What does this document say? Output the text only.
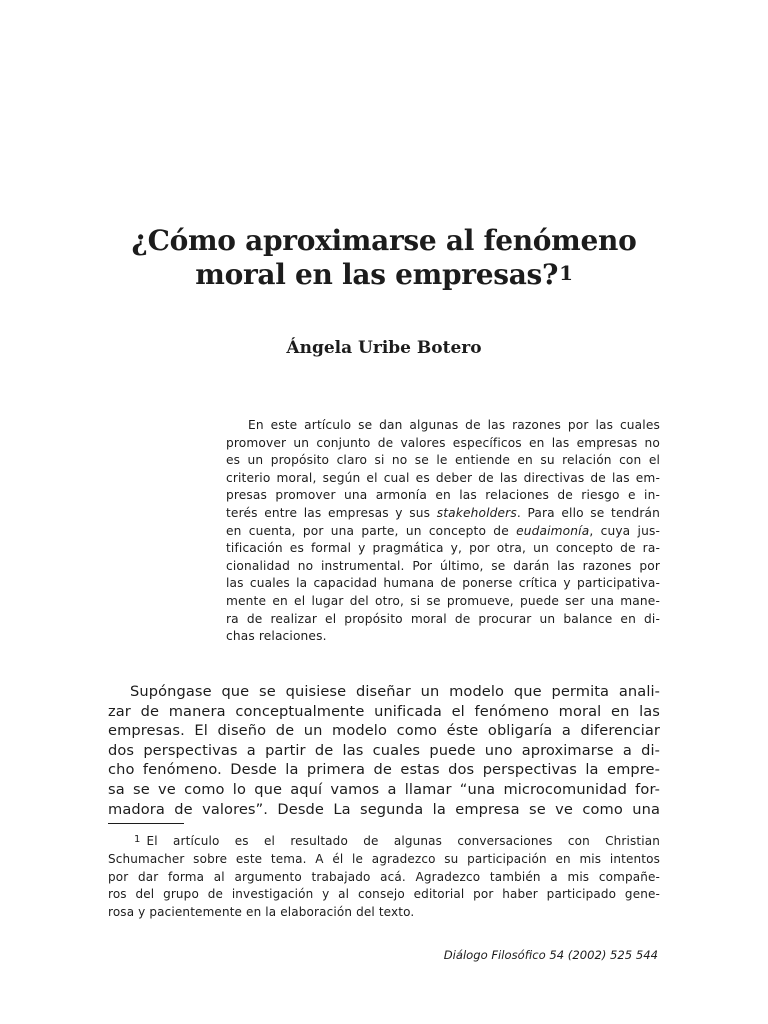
¿Cómo aproximarse al fenómeno
moral en las empresas?$^1$

Ángela Uribe Botero

En este artículo se dan algunas de las razones por las cuales
promover un conjunto de valores específicos en las empresas no
es un propósito claro si no se le entiende en su relación con el
criterio moral, según el cual es deber de las directivas de las em-
presas promover una armonía en las relaciones de riesgo e in-
terés entre las empresas y sus stakeholders. Para ello se tendrán
en cuenta, por una parte, un concepto de eudaimonía, cuya jus-
tificación es formal y pragmática y, por otra, un concepto de ra-
cionalidad no instrumental. Por último, se darán las razones por
las cuales la capacidad humana de ponerse crítica y participativa-
mente en el lugar del otro, si se promueve, puede ser una mane-
ra de realizar el propósito moral de procurar un balance en di-
chas relaciones.
Supóngase que se quisiese diseñar un modelo que permita anali-
zar de manera conceptualmente unificada el fenómeno moral en las
empresas. El diseño de un modelo como éste obligaría a diferenciar
dos perspectivas a partir de las cuales puede uno aproximarse a di-
cho fenómeno. Desde la primera de estas dos perspectivas la empre-
sa se ve como lo que aquí vamos a llamar “una microcomunidad for-
madora de valores”. Desde La segunda la empresa se ve como una
$^1$ El artículo es el resultado de algunas conversaciones con Christian
Schumacher sobre este tema. A él le agradezco su participación en mis intentos
por dar forma al argumento trabajado acá. Agradezco también a mis compañe-
ros del grupo de investigación y al consejo editorial por haber participado gene-
rosa y pacientemente en la elaboración del texto.

Diálogo Filosófico 54 (2002) 525 544
